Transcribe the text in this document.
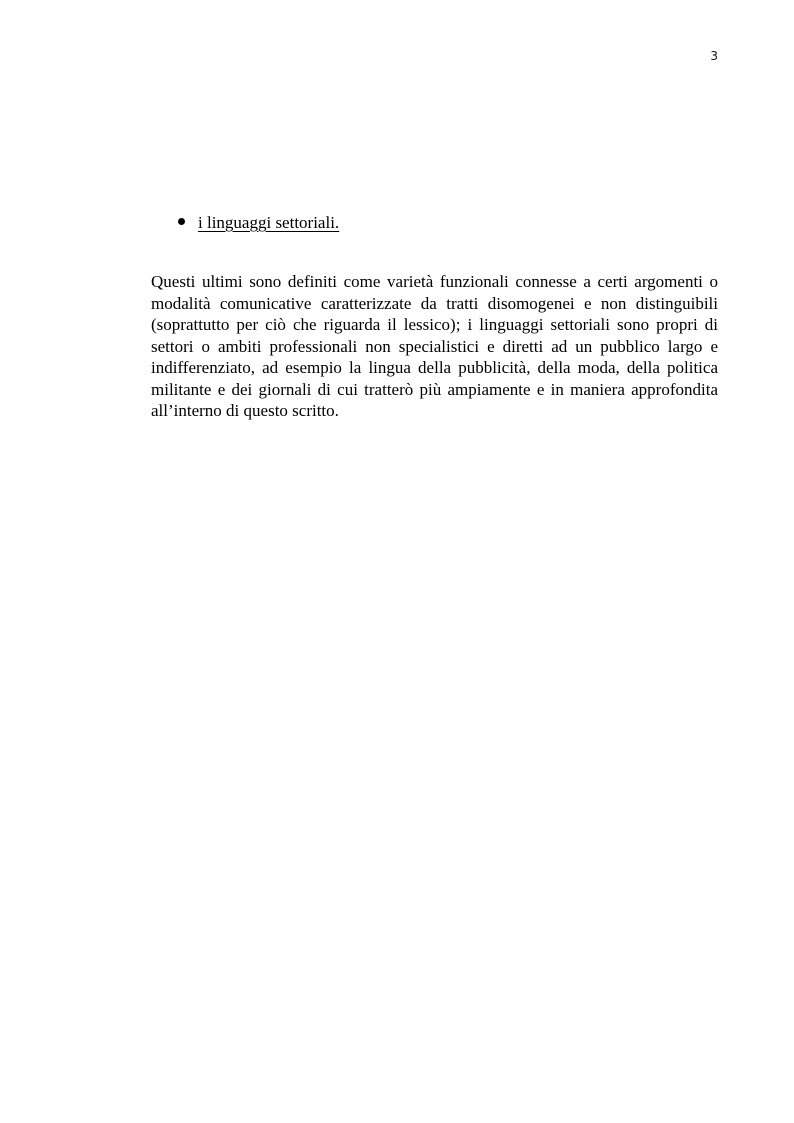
3
i linguaggi settoriali.

Questi ultimi sono definiti come varietà funzionali connesse a certi argomenti o modalità comunicative caratterizzate da tratti disomogenei e non distinguibili (soprattutto per ciò che riguarda il lessico); i linguaggi settoriali sono propri di settori o ambiti professionali non specialistici e diretti ad un pubblico largo e indifferenziato, ad esempio la lingua della pubblicità, della moda, della politica militante e dei giornali di cui tratterò più ampiamente e in maniera approfondita all’interno di questo scritto.
